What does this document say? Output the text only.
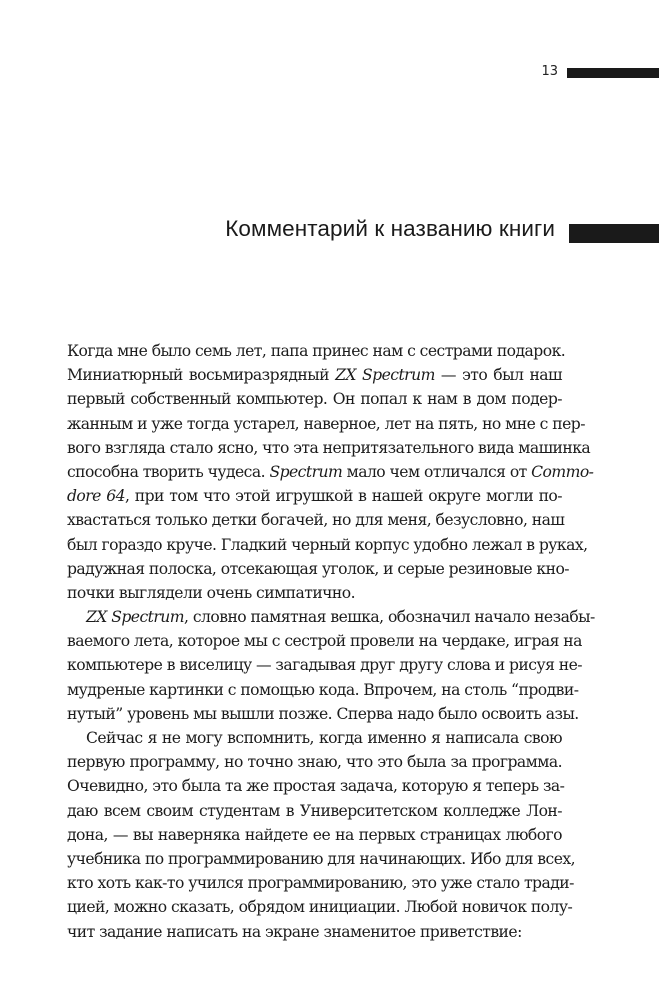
13
Комментарий к названию книги
Когда мне было семь лет, папа принес нам с сестрами подарок.
Миниатюрный восьмиразрядный ZX Spectrum — это был наш
первый собственный компьютер. Он попал к нам в дом подер-
жанным и уже тогда устарел, наверное, лет на пять, но мне с пер-
вого взгляда стало ясно, что эта непритязательного вида машинка
способна творить чудеса. Spectrum мало чем отличался от Commo-
dore 64, при том что этой игрушкой в нашей округе могли по-
хвастаться только детки богачей, но для меня, безусловно, наш
был гораздо круче. Гладкий черный корпус удобно лежал в руках,
радужная полоска, отсекающая уголок, и серые резиновые кно-
почки выглядели очень симпатично.
ZX Spectrum, словно памятная вешка, обозначил начало незабы-
ваемого лета, которое мы с сестрой провели на чердаке, играя на
компьютере в виселицу — загадывая друг другу слова и рисуя не-
мудреные картинки с помощью кода. Впрочем, на столь “продви-
нутый” уровень мы вышли позже. Сперва надо было освоить азы.
Сейчас я не могу вспомнить, когда именно я написала свою
первую программу, но точно знаю, что это была за программа.
Очевидно, это была та же простая задача, которую я теперь за-
даю всем своим студентам в Университетском колледже Лон-
дона, — вы наверняка найдете ее на первых страницах любого
учебника по программированию для начинающих. Ибо для всех,
кто хоть как-то учился программированию, это уже стало тради-
цией, можно сказать, обрядом инициации. Любой новичок полу-
чит задание написать на экране знаменитое приветствие:
